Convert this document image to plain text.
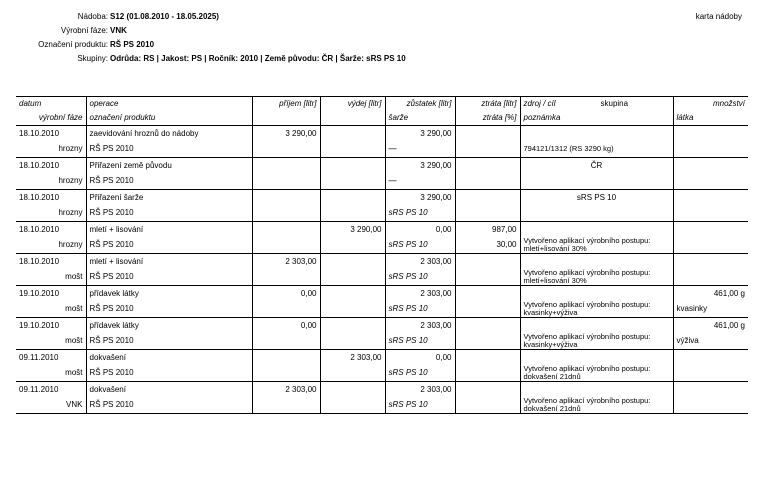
Nádoba: S12 (01.08.2010 - 18.05.2025)	karta nádoby
Výrobní fáze: VNK
Označení produktu: RŠ PS 2010
Skupiny: Odrůda: RS | Jakost: PS | Ročník: 2010 | Země původu: ČR | Šarže: sRS PS 10
datum	operace	příjem [litr]	výdej [litr]	zůstatek [litr]	ztráta [litr]	zdroj / cíl skupina	množství
výrobní fáze	označení produktu			šarže	ztráta [%]	poznámka	látka
18.10.2010	zaevidování hroznů do nádoby	3 290,00		3 290,00			
hrozny	RŠ PS 2010			—		794121/1312 (RS 3290 kg)	
18.10.2010	Přiřazení země původu			3 290,00		ČR	
hrozny	RŠ PS 2010			—			
18.10.2010	Přiřazení šarže			3 290,00		sRS PS 10	
hrozny	RŠ PS 2010			sRS PS 10			
18.10.2010	mletí + lisování		3 290,00	0,00	987,00		
hrozny	RŠ PS 2010			sRS PS 10	30,00	Vytvořeno aplikací výrobního postupu: mletí+lisování 30%	
18.10.2010	mletí + lisování	2 303,00		2 303,00			
mošt	RŠ PS 2010			sRS PS 10		Vytvořeno aplikací výrobního postupu: mletí+lisování 30%	
19.10.2010	přídavek látky	0,00		2 303,00			461,00 g
mošt	RŠ PS 2010			sRS PS 10		Vytvořeno aplikací výrobního postupu: kvasinky+výživa	kvasinky
19.10.2010	přídavek látky	0,00		2 303,00			461,00 g
mošt	RŠ PS 2010			sRS PS 10		Vytvořeno aplikací výrobního postupu: kvasinky+výživa	výživa
09.11.2010	dokvašení		2 303,00	0,00			
mošt	RŠ PS 2010			sRS PS 10		Vytvořeno aplikací výrobního postupu: dokvašení 21dnů	
09.11.2010	dokvašení	2 303,00		2 303,00			
VNK	RŠ PS 2010			sRS PS 10		Vytvořeno aplikací výrobního postupu: dokvašení 21dnů	
